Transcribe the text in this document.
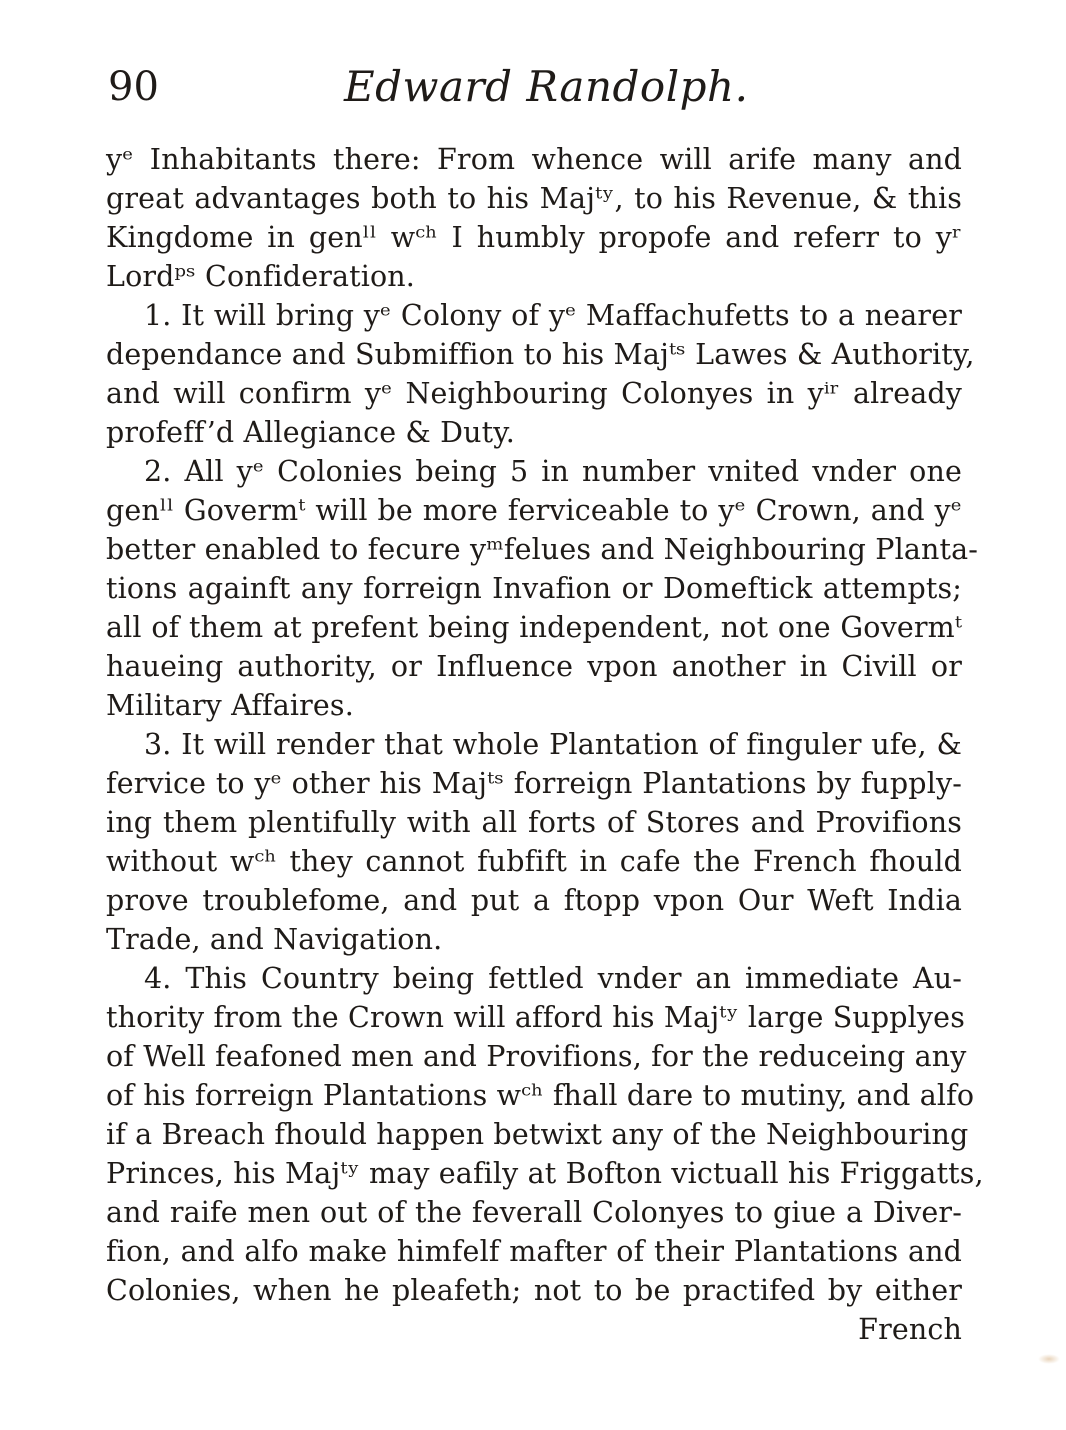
90	Edward Randolph.
yᵉ Inhabitants there: From whence will arife many and
great advantages both to his Majᵗʸ, to his Revenue, & this
Kingdome in genˡˡ wᶜʰ I humbly propofe and referr to yʳ
Lordᵖˢ Confideration.
1. It will bring yᵉ Colony of yᵉ Maffachufetts to a nearer
dependance and Submiffion to his Majᵗˢ Lawes & Authority,
and will confirm yᵉ Neighbouring Colonyes in yⁱʳ already
profeff’d Allegiance & Duty.
2. All yᵉ Colonies being 5 in number vnited vnder one
genˡˡ Govermᵗ will be more ferviceable to yᵉ Crown, and yᵉ
better enabled to fecure yᵐfelues and Neighbouring Planta-
tions againft any forreign Invafion or Domeftick attempts;
all of them at prefent being independent, not one Govermᵗ
haueing authority, or Influence vpon another in Civill or
Military Affaires.
3. It will render that whole Plantation of finguler ufe, &
fervice to yᵉ other his Majᵗˢ forreign Plantations by fupply-
ing them plentifully with all forts of Stores and Provifions
without wᶜʰ they cannot fubfift in cafe the French fhould
prove troublefome, and put a ftopp vpon Our Weft India
Trade, and Navigation.
4. This Country being fettled vnder an immediate Au-
thority from the Crown will afford his Majᵗʸ large Supplyes
of Well feafoned men and Provifions, for the reduceing any
of his forreign Plantations wᶜʰ fhall dare to mutiny, and alfo
if a Breach fhould happen betwixt any of the Neighbouring
Princes, his Majᵗʸ may eafily at Bofton victuall his Friggatts,
and raife men out of the feverall Colonyes to giue a Diver-
fion, and alfo make himfelf mafter of their Plantations and
Colonies, when he pleafeth; not to be practifed by either
French
